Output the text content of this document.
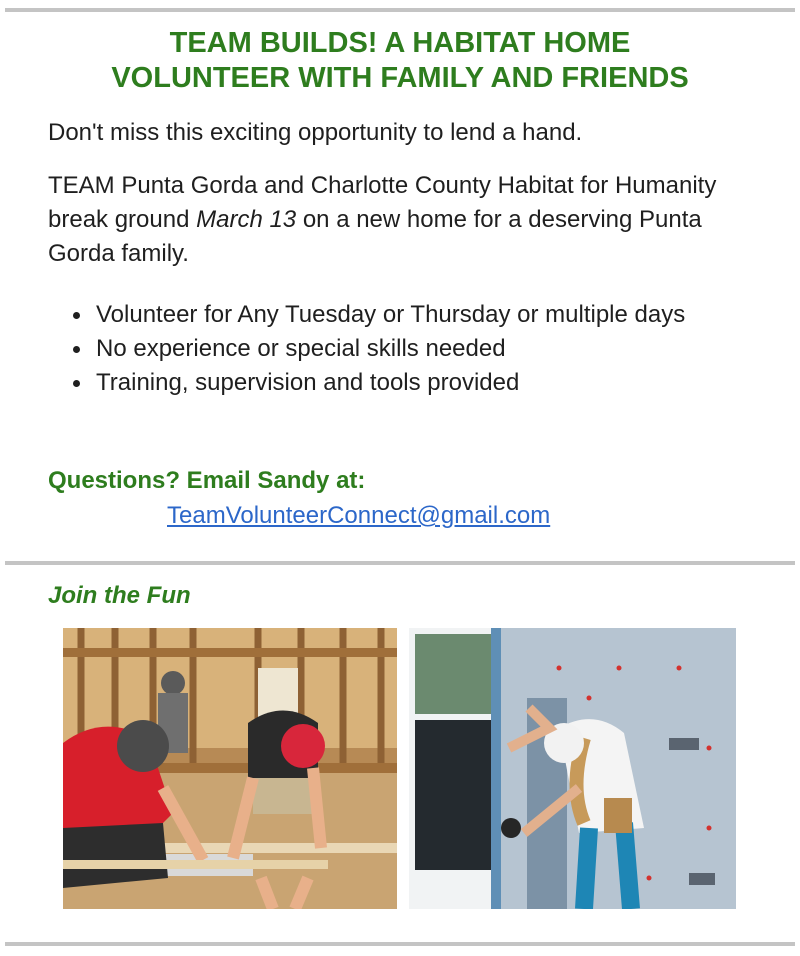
TEAM BUILDS! A HABITAT HOME
VOLUNTEER WITH FAMILY AND FRIENDS

Don't miss this exciting opportunity to lend a hand.

TEAM Punta Gorda and Charlotte County Habitat for Humanity break ground March 13 on a new home for a deserving Punta Gorda family.

Volunteer for Any Tuesday or Thursday or multiple days
No experience or special skills needed
Training, supervision and tools provided

Questions? Email Sandy at:

TeamVolunteerConnect@gmail.com
Join the Fun
